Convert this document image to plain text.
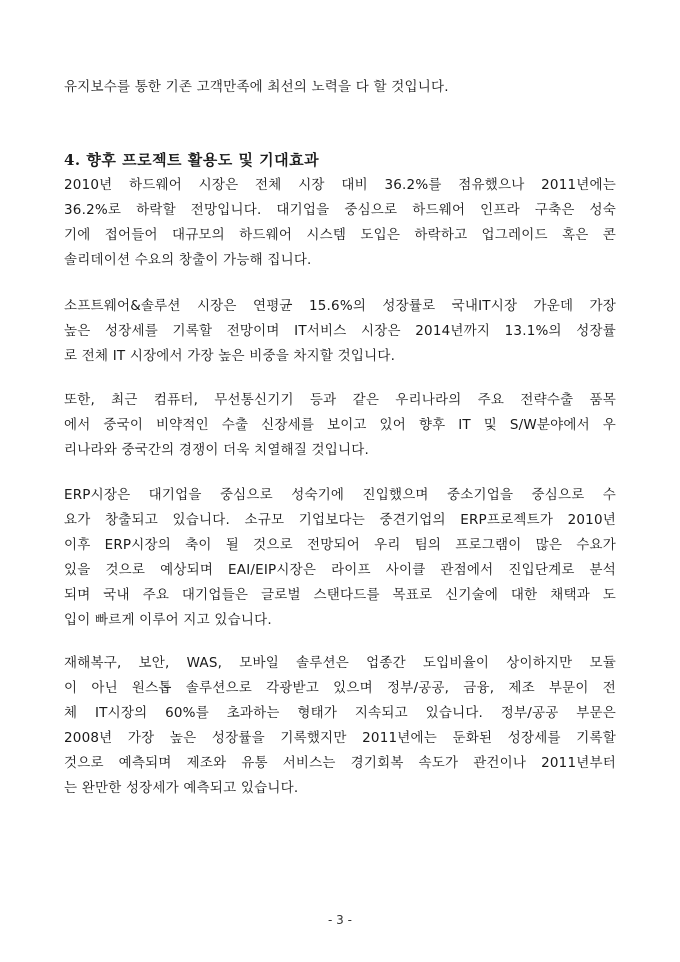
유지보수를 통한 기존 고객만족에 최선의 노력을 다 할 것입니다.
4. 향후 프로젝트 활용도 및 기대효과
2010년 하드웨어 시장은 전체 시장 대비 36.2%를 점유했으나 2011년에는
36.2%로 하락할 전망입니다. 대기업을 중심으로 하드웨어 인프라 구축은 성숙
기에 접어들어 대규모의 하드웨어 시스템 도입은 하락하고 업그레이드 혹은 콘
솔리데이션 수요의 창출이 가능해 집니다.
소프트웨어&솔루션 시장은 연평균 15.6%의 성장률로 국내IT시장 가운데 가장
높은 성장세를 기록할 전망이며 IT서비스 시장은 2014년까지 13.1%의 성장률
로 전체 IT 시장에서 가장 높은 비중을 차지할 것입니다.
또한, 최근 컴퓨터, 무선통신기기 등과 같은 우리나라의 주요 전략수출 품목
에서 중국이 비약적인 수출 신장세를 보이고 있어 향후 IT 및 S/W분야에서 우
리나라와 중국간의 경쟁이 더욱 치열해질 것입니다.
ERP시장은 대기업을 중심으로 성숙기에 진입했으며 중소기업을 중심으로 수
요가 창출되고 있습니다. 소규모 기업보다는 중견기업의 ERP프로젝트가 2010년
이후 ERP시장의 축이 될 것으로 전망되어 우리 팀의 프로그램이 많은 수요가
있을 것으로 예상되며 EAI/EIP시장은 라이프 사이클 관점에서 진입단계로 분석
되며 국내 주요 대기업들은 글로벌 스탠다드를 목표로 신기술에 대한 채택과 도
입이 빠르게 이루어 지고 있습니다.
재해복구, 보안, WAS, 모바일 솔루션은 업종간 도입비율이 상이하지만 모듈
이 아닌 원스톱 솔루션으로 각광받고 있으며 정부/공공, 금융, 제조 부문이 전
체 IT시장의 60%를 초과하는 형태가 지속되고 있습니다. 정부/공공 부문은
2008년 가장 높은 성장률을 기록했지만 2011년에는 둔화된 성장세를 기록할
것으로 예측되며 제조와 유통 서비스는 경기회복 속도가 관건이나 2011년부터
는 완만한 성장세가 예측되고 있습니다.
- 3 -
